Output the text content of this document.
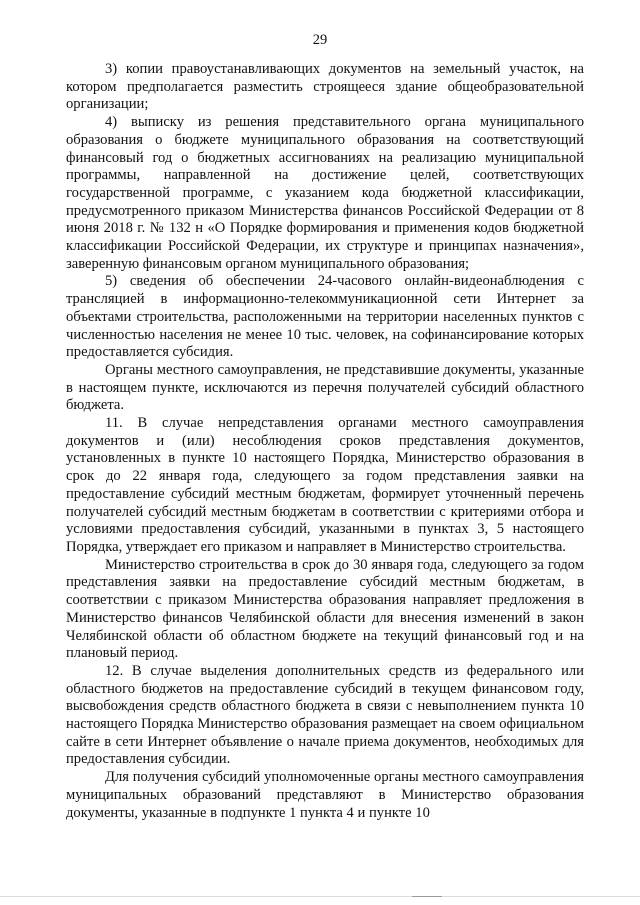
29

3) копии правоустанавливающих документов на земельный участок, на котором предполагается разместить строящееся здание общеобразовательной организации;

4) выписку из решения представительного органа муниципального образования о бюджете муниципального образования на соответствующий финансовый год о бюджетных ассигнованиях на реализацию муниципальной программы, направленной на достижение целей, соответствующих государственной программе, с указанием кода бюджетной классификации, предусмотренного приказом Министерства финансов Российской Федерации от 8 июня 2018 г. № 132 н «О Порядке формирования и применения кодов бюджетной классификации Российской Федерации, их структуре и принципах назначения», заверенную финансовым органом муниципального образования;

5) сведения об обеспечении 24-часового онлайн-видеонаблюдения с трансляцией в информационно-телекоммуникационной сети Интернет за объектами строительства, расположенными на территории населенных пунктов с численностью населения не менее 10 тыс. человек, на софинансирование которых предоставляется субсидия.

Органы местного самоуправления, не представившие документы, указанные в настоящем пункте, исключаются из перечня получателей субсидий областного бюджета.

11. В случае непредставления органами местного самоуправления документов и (или) несоблюдения сроков представления документов, установленных в пункте 10 настоящего Порядка, Министерство образования в срок до 22 января года, следующего за годом представления заявки на предоставление субсидий местным бюджетам, формирует уточненный перечень получателей субсидий местным бюджетам в соответствии с критериями отбора и условиями предоставления субсидий, указанными в пунктах 3, 5 настоящего Порядка, утверждает его приказом и направляет в Министерство строительства.

Министерство строительства в срок до 30 января года, следующего за годом представления заявки на предоставление субсидий местным бюджетам, в соответствии с приказом Министерства образования направляет предложения в Министерство финансов Челябинской области для внесения изменений в закон Челябинской области об областном бюджете на текущий финансовый год и на плановый период.

12. В случае выделения дополнительных средств из федерального или областного бюджетов на предоставление субсидий в текущем финансовом году, высвобождения средств областного бюджета в связи с невыполнением пункта 10 настоящего Порядка Министерство образования размещает на своем официальном сайте в сети Интернет объявление о начале приема документов, необходимых для предоставления субсидии.

Для получения субсидий уполномоченные органы местного самоуправления муниципальных образований представляют в Министерство образования документы, указанные в подпункте 1 пункта 4 и пункте 10
